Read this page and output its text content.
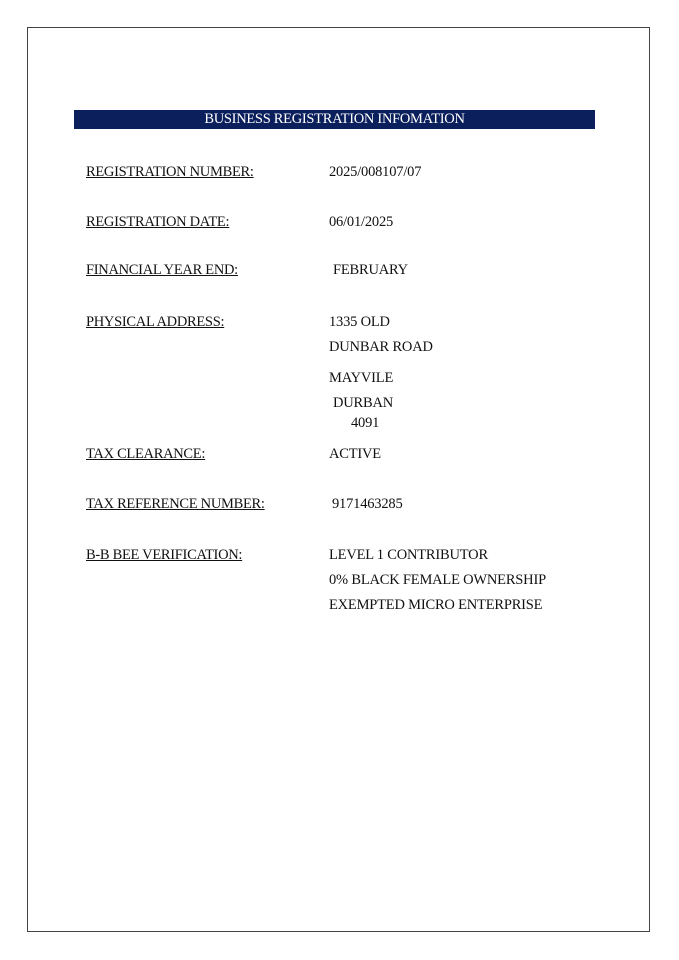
BUSINESS REGISTRATION INFOMATION
REGISTRATION NUMBER:	2025/008107/07
REGISTRATION DATE:	06/01/2025
FINANCIAL YEAR END:	FEBRUARY
PHYSICAL ADDRESS:	1335 OLD
DUNBAR ROAD
MAYVILE
DURBAN
4091
TAX CLEARANCE:	ACTIVE
TAX REFERENCE NUMBER:	9171463285
B-B BEE VERIFICATION:	LEVEL 1 CONTRIBUTOR
0% BLACK FEMALE OWNERSHIP
EXEMPTED MICRO ENTERPRISE
